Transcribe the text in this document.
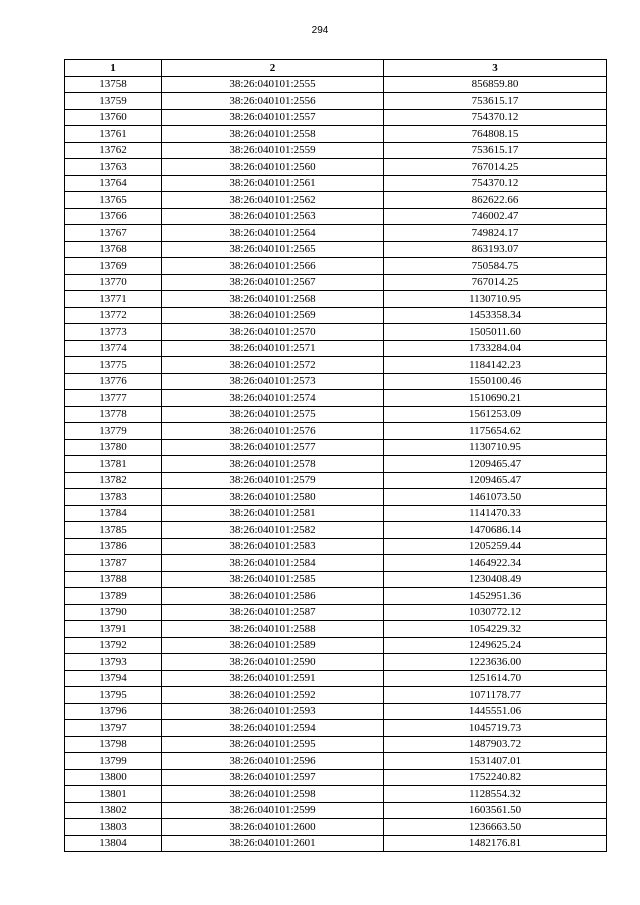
294
1	2	3
13758	38:26:040101:2555	856859.80
13759	38:26:040101:2556	753615.17
13760	38:26:040101:2557	754370.12
13761	38:26:040101:2558	764808.15
13762	38:26:040101:2559	753615.17
13763	38:26:040101:2560	767014.25
13764	38:26:040101:2561	754370.12
13765	38:26:040101:2562	862622.66
13766	38:26:040101:2563	746002.47
13767	38:26:040101:2564	749824.17
13768	38:26:040101:2565	863193.07
13769	38:26:040101:2566	750584.75
13770	38:26:040101:2567	767014.25
13771	38:26:040101:2568	1130710.95
13772	38:26:040101:2569	1453358.34
13773	38:26:040101:2570	1505011.60
13774	38:26:040101:2571	1733284.04
13775	38:26:040101:2572	1184142.23
13776	38:26:040101:2573	1550100.46
13777	38:26:040101:2574	1510690.21
13778	38:26:040101:2575	1561253.09
13779	38:26:040101:2576	1175654.62
13780	38:26:040101:2577	1130710.95
13781	38:26:040101:2578	1209465.47
13782	38:26:040101:2579	1209465.47
13783	38:26:040101:2580	1461073.50
13784	38:26:040101:2581	1141470.33
13785	38:26:040101:2582	1470686.14
13786	38:26:040101:2583	1205259.44
13787	38:26:040101:2584	1464922.34
13788	38:26:040101:2585	1230408.49
13789	38:26:040101:2586	1452951.36
13790	38:26:040101:2587	1030772.12
13791	38:26:040101:2588	1054229.32
13792	38:26:040101:2589	1249625.24
13793	38:26:040101:2590	1223636.00
13794	38:26:040101:2591	1251614.70
13795	38:26:040101:2592	1071178.77
13796	38:26:040101:2593	1445551.06
13797	38:26:040101:2594	1045719.73
13798	38:26:040101:2595	1487903.72
13799	38:26:040101:2596	1531407.01
13800	38:26:040101:2597	1752240.82
13801	38:26:040101:2598	1128554.32
13802	38:26:040101:2599	1603561.50
13803	38:26:040101:2600	1236663.50
13804	38:26:040101:2601	1482176.81
